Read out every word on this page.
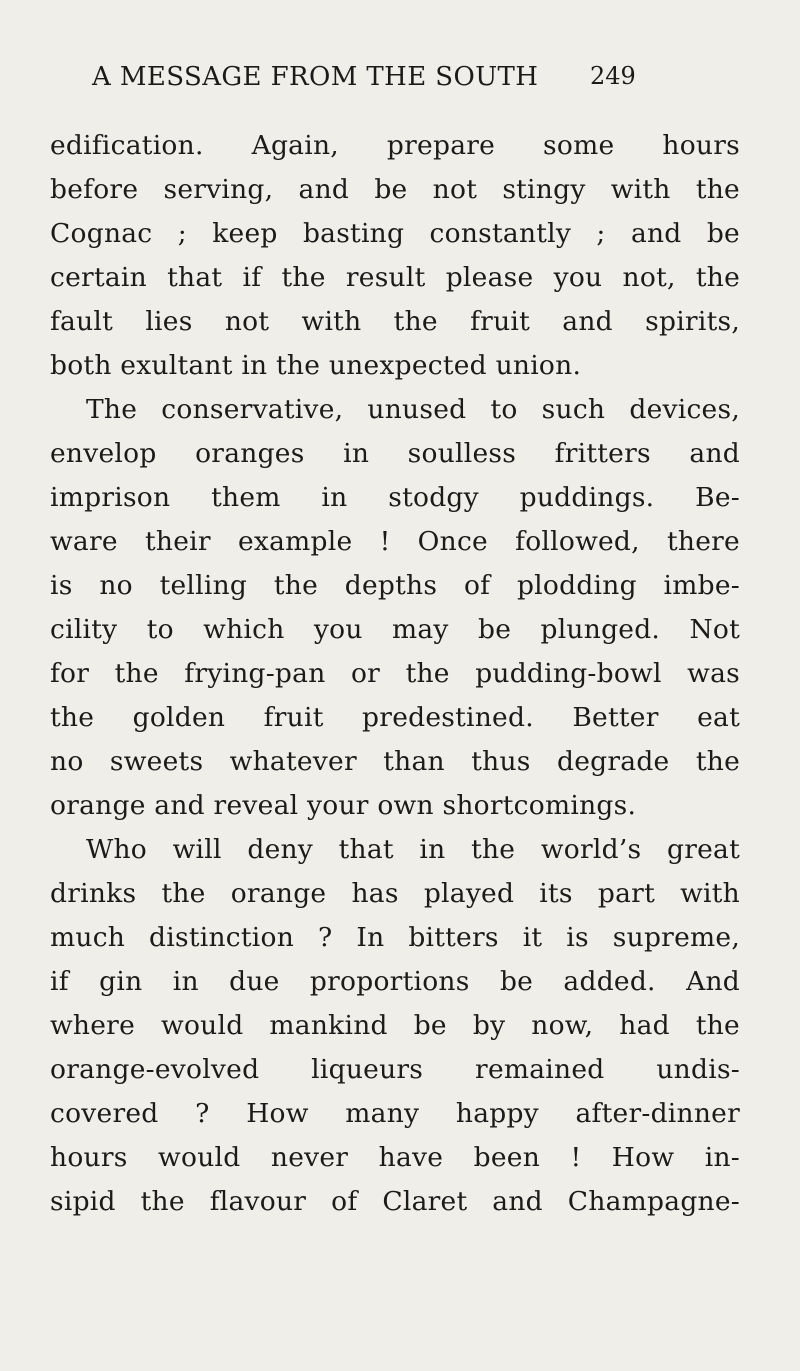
A MESSAGE FROM THE SOUTH 249

edification. Again, prepare some hours

before serving, and be not stingy with the

Cognac ; keep basting constantly ; and be

certain that if the result please you not, the

fault lies not with the fruit and spirits,

both exultant in the unexpected union.

The conservative, unused to such devices,

envelop oranges in soulless fritters and

imprison them in stodgy puddings. Be-

ware their example ! Once followed, there

is no telling the depths of plodding imbe-

cility to which you may be plunged. Not

for the frying-pan or the pudding-bowl was

the golden fruit predestined. Better eat

no sweets whatever than thus degrade the

orange and reveal your own shortcomings.

Who will deny that in the world’s great

drinks the orange has played its part with

much distinction ? In bitters it is supreme,

if gin in due proportions be added. And

where would mankind be by now, had the

orange-evolved liqueurs remained undis-

covered ? How many happy after-dinner

hours would never have been ! How in-

sipid the flavour of Claret and Champagne-
